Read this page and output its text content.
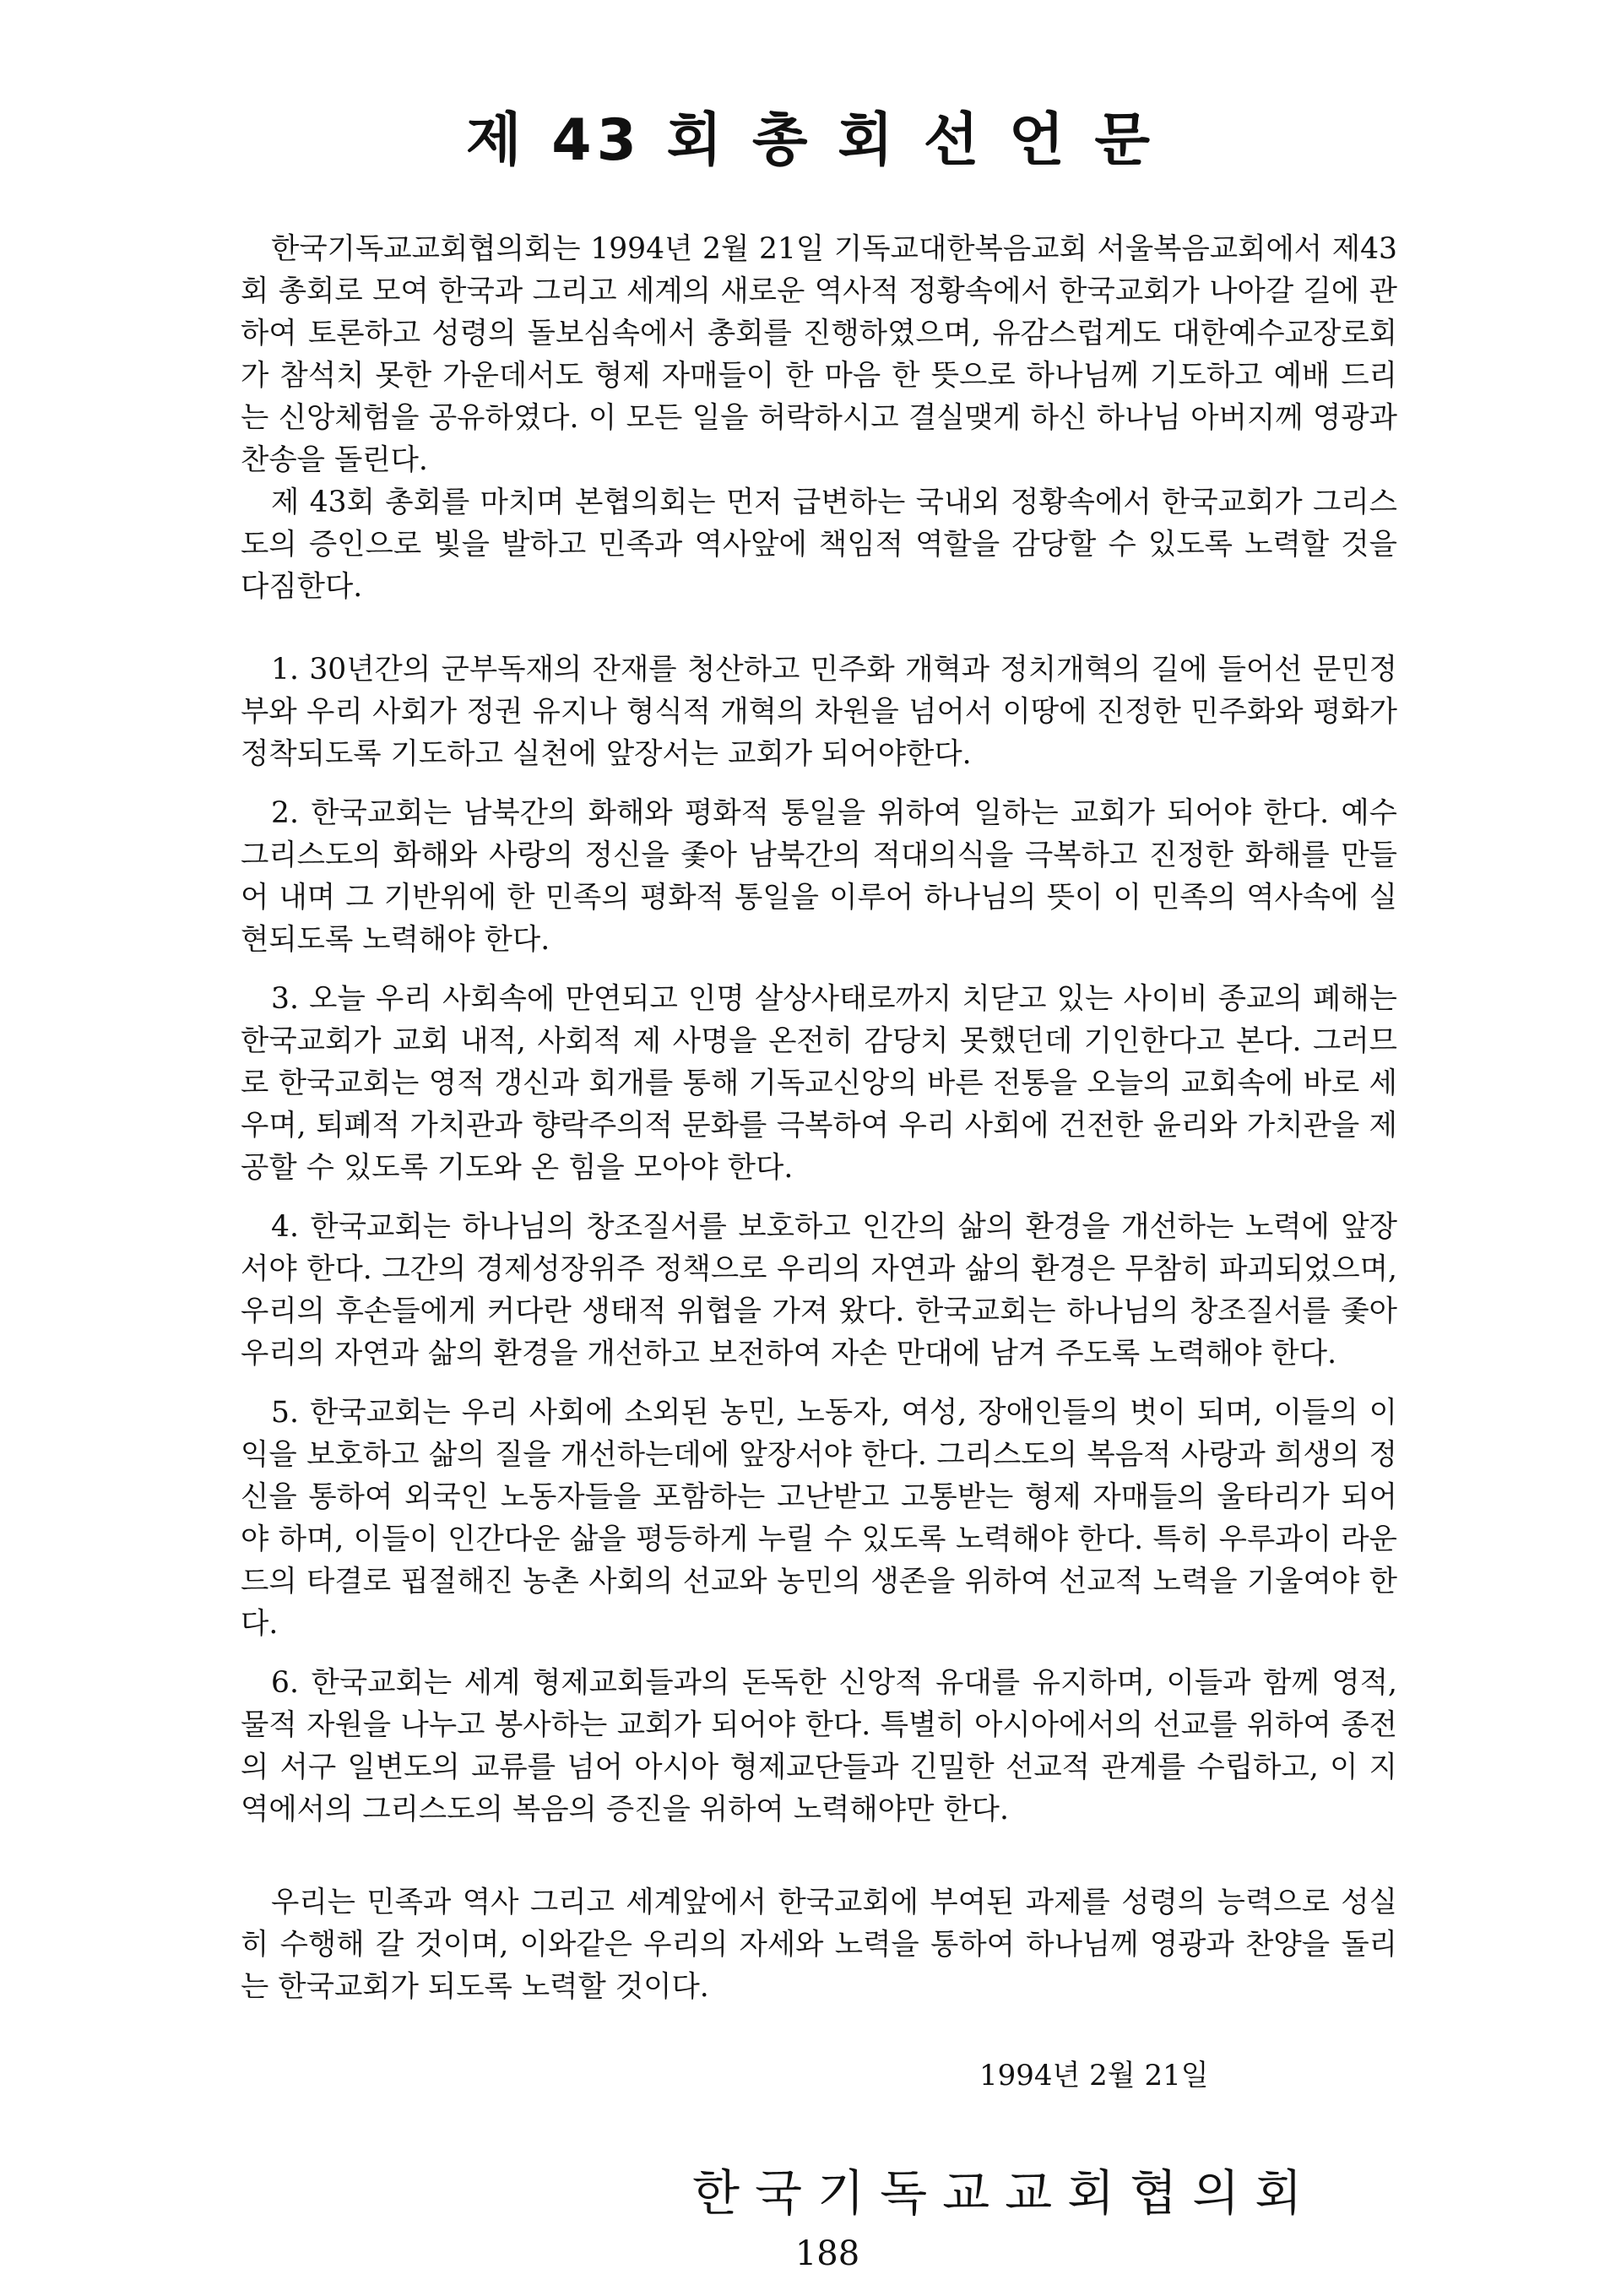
제 43 회 총 회 선 언 문

한국기독교교회협의회는 1994년 2월 21일 기독교대한복음교회 서울복음교회에서 제43회 총회로 모여 한국과 그리고 세계의 새로운 역사적 정황속에서 한국교회가 나아갈 길에 관하여 토론하고 성령의 돌보심속에서 총회를 진행하였으며, 유감스럽게도 대한예수교장로회가 참석치 못한 가운데서도 형제 자매들이 한 마음 한 뜻으로 하나님께 기도하고 예배 드리는 신앙체험을 공유하였다. 이 모든 일을 허락하시고 결실맺게 하신 하나님 아버지께 영광과 찬송을 돌린다.

제 43회 총회를 마치며 본협의회는 먼저 급변하는 국내외 정황속에서 한국교회가 그리스도의 증인으로 빛을 발하고 민족과 역사앞에 책임적 역할을 감당할 수 있도록 노력할 것을 다짐한다.

1. 30년간의 군부독재의 잔재를 청산하고 민주화 개혁과 정치개혁의 길에 들어선 문민정부와 우리 사회가 정권 유지나 형식적 개혁의 차원을 넘어서 이땅에 진정한 민주화와 평화가 정착되도록 기도하고 실천에 앞장서는 교회가 되어야한다.

2. 한국교회는 남북간의 화해와 평화적 통일을 위하여 일하는 교회가 되어야 한다. 예수 그리스도의 화해와 사랑의 정신을 좇아 남북간의 적대의식을 극복하고 진정한 화해를 만들어 내며 그 기반위에 한 민족의 평화적 통일을 이루어 하나님의 뜻이 이 민족의 역사속에 실현되도록 노력해야 한다.

3. 오늘 우리 사회속에 만연되고 인명 살상사태로까지 치닫고 있는 사이비 종교의 폐해는 한국교회가 교회 내적, 사회적 제 사명을 온전히 감당치 못했던데 기인한다고 본다. 그러므로 한국교회는 영적 갱신과 회개를 통해 기독교신앙의 바른 전통을 오늘의 교회속에 바로 세우며, 퇴폐적 가치관과 향락주의적 문화를 극복하여 우리 사회에 건전한 윤리와 가치관을 제공할 수 있도록 기도와 온 힘을 모아야 한다.

4. 한국교회는 하나님의 창조질서를 보호하고 인간의 삶의 환경을 개선하는 노력에 앞장서야 한다. 그간의 경제성장위주 정책으로 우리의 자연과 삶의 환경은 무참히 파괴되었으며, 우리의 후손들에게 커다란 생태적 위협을 가져 왔다. 한국교회는 하나님의 창조질서를 좇아 우리의 자연과 삶의 환경을 개선하고 보전하여 자손 만대에 남겨 주도록 노력해야 한다.

5. 한국교회는 우리 사회에 소외된 농민, 노동자, 여성, 장애인들의 벗이 되며, 이들의 이익을 보호하고 삶의 질을 개선하는데에 앞장서야 한다. 그리스도의 복음적 사랑과 희생의 정신을 통하여 외국인 노동자들을 포함하는 고난받고 고통받는 형제 자매들의 울타리가 되어야 하며, 이들이 인간다운 삶을 평등하게 누릴 수 있도록 노력해야 한다. 특히 우루과이 라운드의 타결로 핍절해진 농촌 사회의 선교와 농민의 생존을 위하여 선교적 노력을 기울여야 한다.

6. 한국교회는 세계 형제교회들과의 돈독한 신앙적 유대를 유지하며, 이들과 함께 영적, 물적 자원을 나누고 봉사하는 교회가 되어야 한다. 특별히 아시아에서의 선교를 위하여 종전의 서구 일변도의 교류를 넘어 아시아 형제교단들과 긴밀한 선교적 관계를 수립하고, 이 지역에서의 그리스도의 복음의 증진을 위하여 노력해야만 한다.

우리는 민족과 역사 그리고 세계앞에서 한국교회에 부여된 과제를 성령의 능력으로 성실히 수행해 갈 것이며, 이와같은 우리의 자세와 노력을 통하여 하나님께 영광과 찬양을 돌리는 한국교회가 되도록 노력할 것이다.

1994년 2월 21일
한국기독교교회협의회
188
